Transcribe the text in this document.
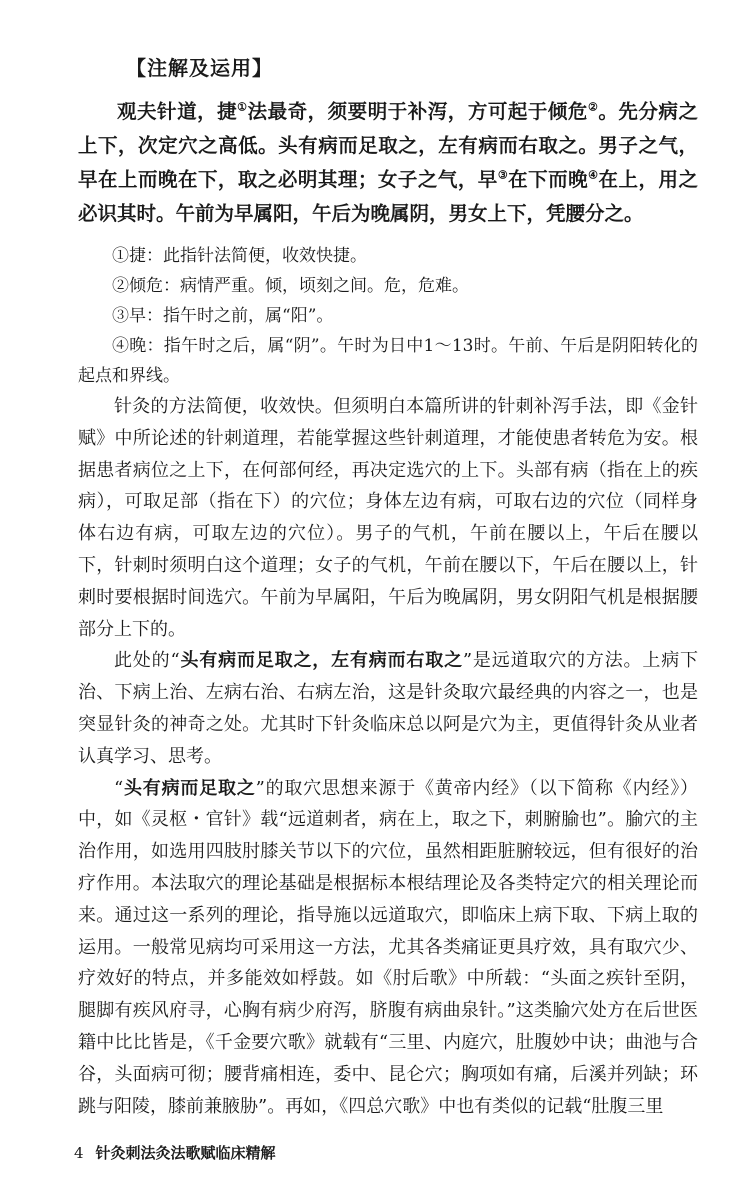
【注解及运用】

观夫针道，捷①法最奇，须要明于补泻，方可起于倾危②。先分病之上下，次定穴之高低。头有病而足取之，左有病而右取之。男子之气，早在上而晚在下，取之必明其理；女子之气，早③在下而晚④在上，用之必识其时。午前为早属阳，午后为晚属阴，男女上下，凭腰分之。

①捷：此指针法简便，收效快捷。

②倾危：病情严重。倾，顷刻之间。危，危难。

③早：指午时之前，属“阳”。

④晚：指午时之后，属“阴”。午时为日中1～13时。午前、午后是阴阳转化的起点和界线。

针灸的方法简便，收效快。但须明白本篇所讲的针刺补泻手法，即《金针赋》中所论述的针刺道理，若能掌握这些针刺道理，才能使患者转危为安。根据患者病位之上下，在何部何经，再决定选穴的上下。头部有病（指在上的疾病），可取足部（指在下）的穴位；身体左边有病，可取右边的穴位（同样身体右边有病，可取左边的穴位）。男子的气机，午前在腰以上，午后在腰以下，针刺时须明白这个道理；女子的气机，午前在腰以下，午后在腰以上，针刺时要根据时间选穴。午前为早属阳，午后为晚属阴，男女阴阳气机是根据腰部分上下的。

此处的“头有病而足取之，左有病而右取之”是远道取穴的方法。上病下治、下病上治、左病右治、右病左治，这是针灸取穴最经典的内容之一，也是突显针灸的神奇之处。尤其时下针灸临床总以阿是穴为主，更值得针灸从业者认真学习、思考。

“头有病而足取之”的取穴思想来源于《黄帝内经》（以下简称《内经》）中，如《灵枢・官针》载“远道刺者，病在上，取之下，刺腑腧也”。腧穴的主治作用，如选用四肢肘膝关节以下的穴位，虽然相距脏腑较远，但有很好的治疗作用。本法取穴的理论基础是根据标本根结理论及各类特定穴的相关理论而来。通过这一系列的理论，指导施以远道取穴，即临床上病下取、下病上取的运用。一般常见病均可采用这一方法，尤其各类痛证更具疗效，具有取穴少、疗效好的特点，并多能效如桴鼓。如《肘后歌》中所载：“头面之疾针至阴，腿脚有疾风府寻，心胸有病少府泻，脐腹有病曲泉针。”这类腧穴处方在后世医籍中比比皆是，《千金要穴歌》就载有“三里、内庭穴，肚腹妙中诀；曲池与合谷，头面病可彻；腰背痛相连，委中、昆仑穴；胸项如有痛，后溪并列缺；环跳与阳陵，膝前兼腋胁”。再如，《四总穴歌》中也有类似的记载“肚腹三里

4 针灸刺法灸法歌赋临床精解
